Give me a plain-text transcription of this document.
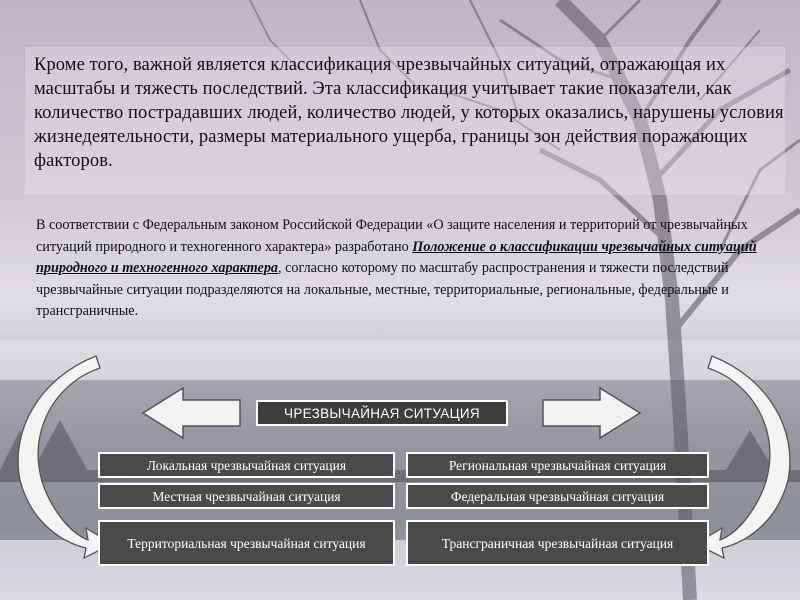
Кроме того, важной является классификация чрезвычайных ситуаций, отражающая их масштабы и тяжесть последствий. Эта классификация учитывает такие показатели, как количество пострадавших людей, количество людей, у которых оказались, нарушены условия жизнедеятельности, размеры материального ущерба, границы зон действия поражающих факторов.
В соответствии с Федеральным законом Российской Федерации «О защите населения и территорий от чрезвычайных ситуаций природного и техногенного характера» разработано Положение о классификации чрезвычайных ситуаций природного и техногенного характера, согласно которому по масштабу распространения и тяжести последствий чрезвычайные ситуации подразделяются на локальные, местные, территориальные, региональные, федеральные и трансграничные.
ЧРЕЗВЫЧАЙНАЯ СИТУАЦИЯ
Локальная чрезвычайная ситуация
Местная чрезвычайная ситуация
Территориальная чрезвычайная ситуация
Региональная чрезвычайная ситуация
Федеральная чрезвычайная ситуация
Трансграничная чрезвычайная ситуация
